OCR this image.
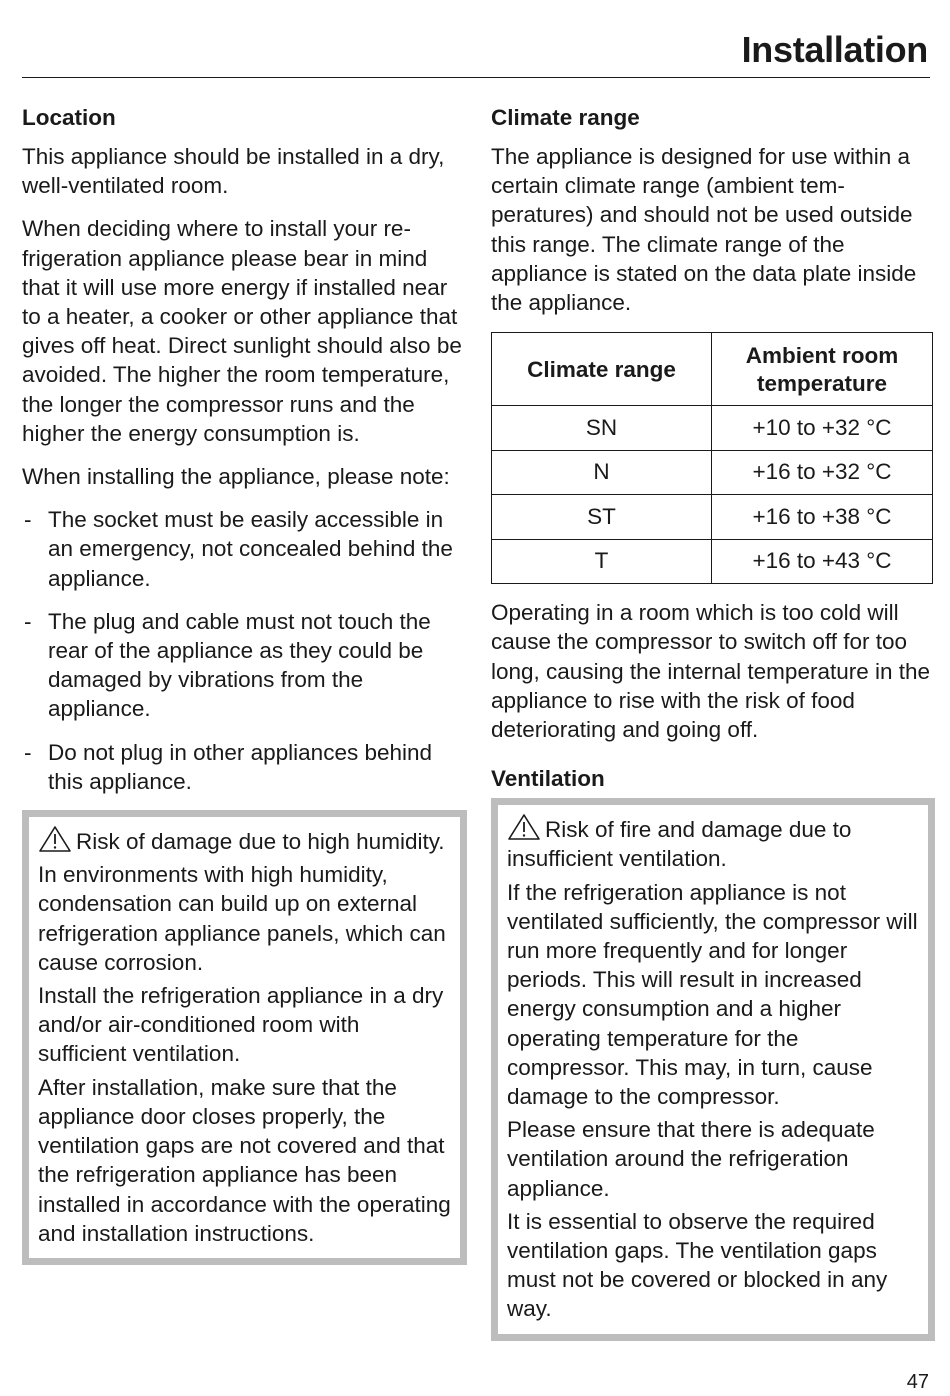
Installation
Location

This appliance should be installed in a dry, well-ventilated room.

When deciding where to install your refrigeration appliance please bear in mind that it will use more energy if installed near to a heater, a cooker or other appliance that gives off heat. Direct sunlight should also be avoided. The higher the room temperature, the longer the compressor runs and the higher the energy consumption is.

When installing the appliance, please note:

- The socket must be easily accessible in an emergency, not concealed behind the appliance.
- The plug and cable must not touch the rear of the appliance as they could be damaged by vibrations from the appliance.
- Do not plug in other appliances behind this appliance.

Risk of damage due to high humidity.

In environments with high humidity, condensation can build up on external refrigeration appliance panels, which can cause corrosion.

Install the refrigeration appliance in a dry and/or air-conditioned room with sufficient ventilation.

After installation, make sure that the appliance door closes properly, the ventilation gaps are not covered and that the refrigeration appliance has been installed in accordance with the operating and installation instructions.

Climate range

The appliance is designed for use within a certain climate range (ambient temperatures) and should not be used outside this range. The climate range of the appliance is stated on the data plate inside the appliance.

Climate range	Ambient room temperature
SN	+10 to +32 °C
N	+16 to +32 °C
ST	+16 to +38 °C
T	+16 to +43 °C

Operating in a room which is too cold will cause the compressor to switch off for too long, causing the internal temperature in the appliance to rise with the risk of food deteriorating and going off.

Ventilation

Risk of fire and damage due to insufficient ventilation.

If the refrigeration appliance is not ventilated sufficiently, the compressor will run more frequently and for longer periods. This will result in increased energy consumption and a higher operating temperature for the compressor. This may, in turn, cause damage to the compressor.

Please ensure that there is adequate ventilation around the refrigeration appliance.

It is essential to observe the required ventilation gaps. The ventilation gaps must not be covered or blocked in any way.

47
